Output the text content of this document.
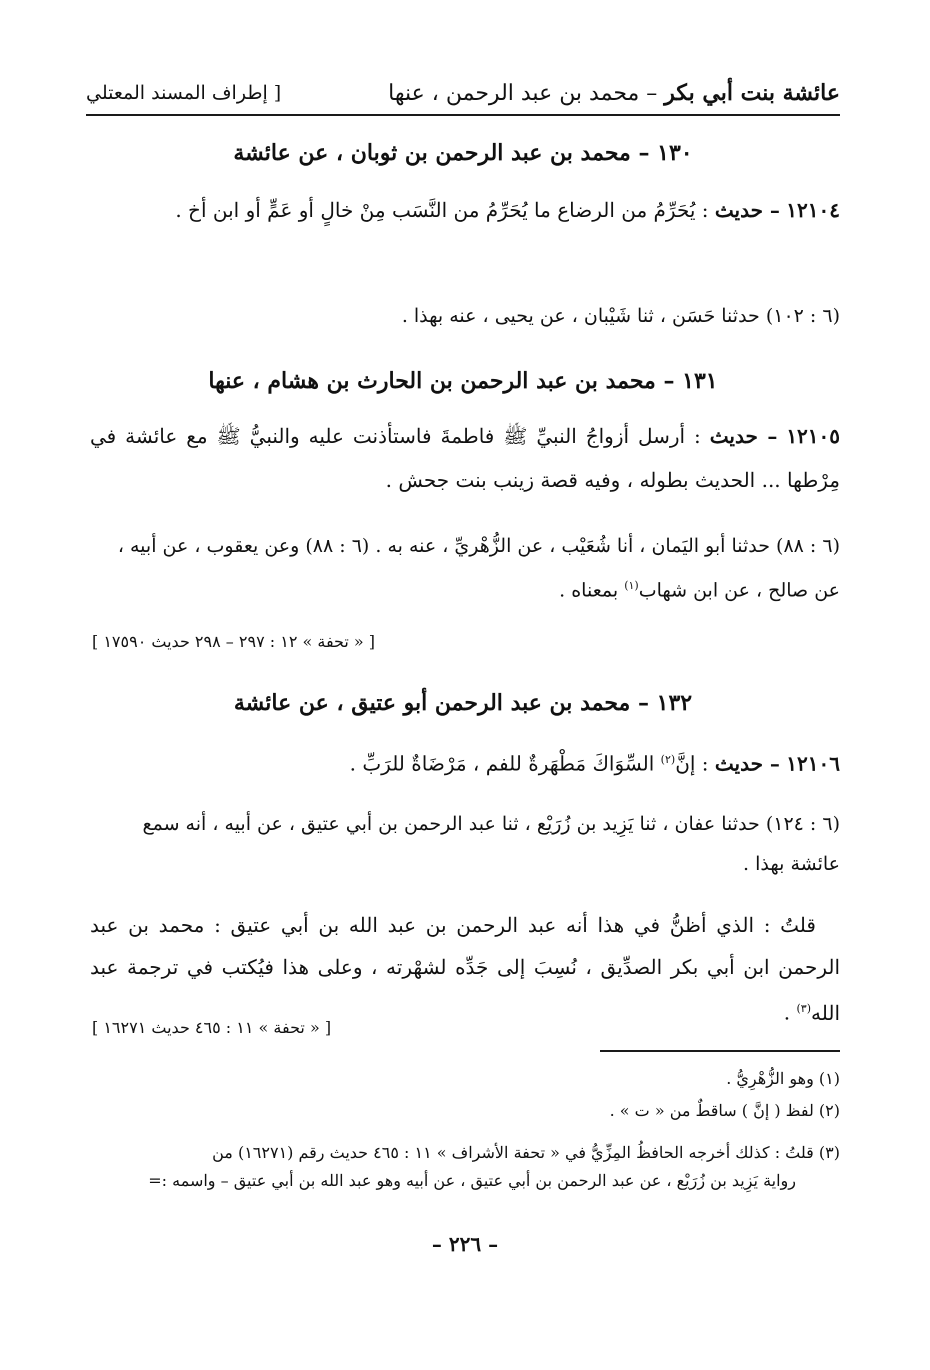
عائشة بنت أبي بكر – محمد بن عبد الرحمن ، عنها
[ إطراف المسند المعتلي
١٣٠ – محمد بن عبد الرحمن بن ثوبان ، عن عائشة
١٢١٠٤ – حديث : يُحَرِّمُ من الرضاع ما يُحَرِّمُ من النَّسَب مِنْ خالٍ أو عَمٍّ أو ابن أخ .
(٦ : ١٠٢) حدثنا حَسَن ، ثنا شَيْبان ، عن يحيى ، عنه بهذا .
١٣١ – محمد بن عبد الرحمن بن الحارث بن هشام ، عنها
١٢١٠٥ – حديث : أرسل أزواجُ النبيِّ ﷺ فاطمةَ فاستأذنت عليه والنبيُّ ﷺ مع عائشة في مِرْطها ... الحديث بطوله ، وفيه قصة زينب بنت جحش .
(٦ : ٨٨) حدثنا أبو اليَمان ، أنا شُعَيْب ، عن الزُّهْريِّ ، عنه به . (٦ : ٨٨) وعن يعقوب ، عن أبيه ، عن صالح ، عن ابن شهاب$^{(١)}$ بمعناه .
[ « تحفة » ١٢ : ٢٩٧ – ٢٩٨ حديث ١٧٥٩٠ ]
١٣٢ – محمد بن عبد الرحمن أبو عتيق ، عن عائشة
١٢١٠٦ – حديث : إنَّ$^{(٢)}$ السِّوَاكَ مَطْهَرةٌ للفم ، مَرْضَاةٌ للرَبِّ .
(٦ : ١٢٤) حدثنا عفان ، ثنا يَزِيد بن زُرَيْع ، ثنا عبد الرحمن بن أبي عتيق ، عن أبيه ، أنه سمع عائشة بهذا .
قلتُ : الذي أظنُّ في هذا أنه عبد الرحمن بن عبد الله بن أبي عتيق : محمد بن عبد الرحمن ابن أبي بكر الصدِّيق ، نُسِبَ إلى جَدِّه لشهْرته ، وعلى هذا فيُكتب في ترجمة عبد الله$^{(٣)}$ .
[ « تحفة » ١١ : ٤٦٥ حديث ١٦٢٧١ ]
(١) وهو الزُّهْرِيُّ .
(٢) لفظ ( إنَّ ) ساقطٌ من « ت » .
(٣) قلتُ : كذلك أخرجه الحافظُ المِزِّيُّ في « تحفة الأشراف » ١١ : ٤٦٥ حديث رقم (١٦٢٧١) من
رواية يَزِيد بن زُرَيْع ، عن عبد الرحمن بن أبي عتيق ، عن أبيه وهو عبد الله بن أبي عتيق – واسمه :=
– ٢٢٦ –
